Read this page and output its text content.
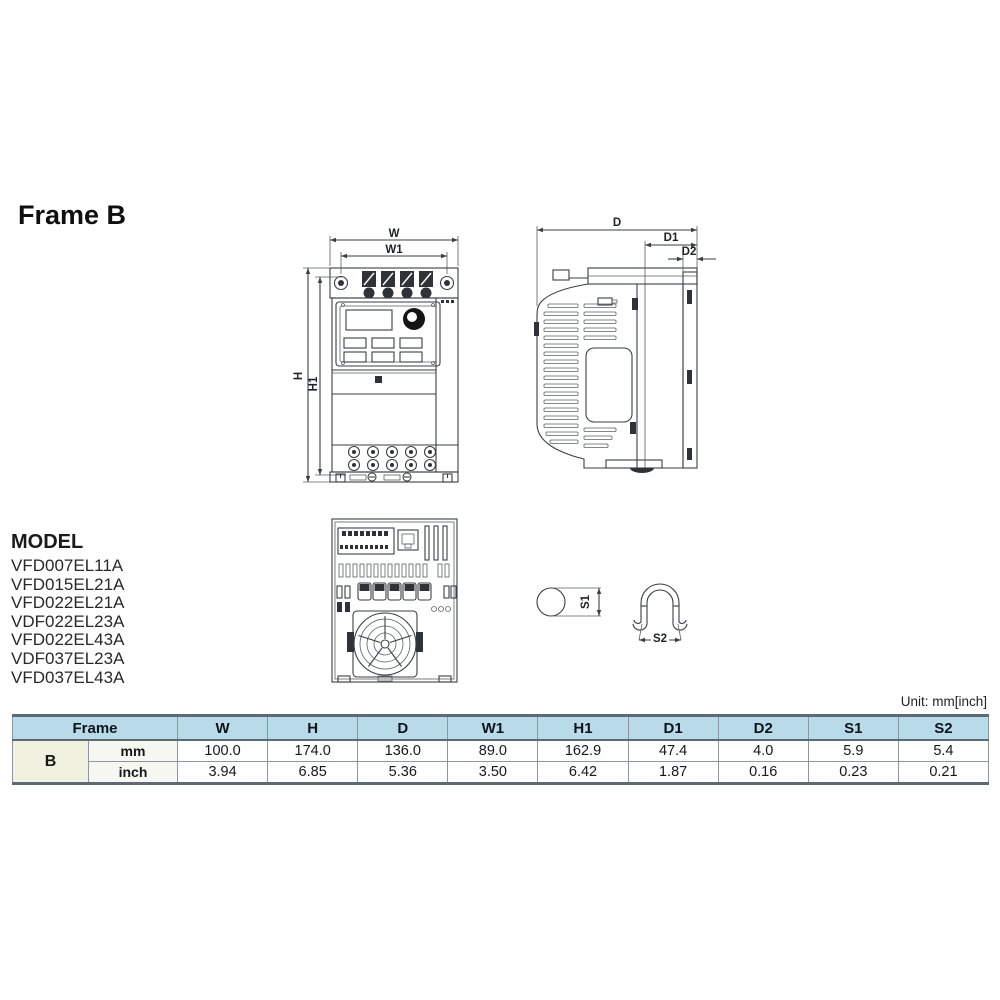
Frame B
W
W1
H
H1
D
D1
D2
S1
S2
MODEL
VFD007EL11A
VFD015EL21A
VFD022EL21A
VDF022EL23A
VFD022EL43A
VDF037EL23A
VFD037EL43A
Unit: mm[inch]
Frame		W	H	D	W1	H1	D1	D2	S1	S2
B	mm	100.0	174.0	136.0	89.0	162.9	47.4	4.0	5.9	5.4
	inch	3.94	6.85	5.36	3.50	6.42	1.87	0.16	0.23	0.21
